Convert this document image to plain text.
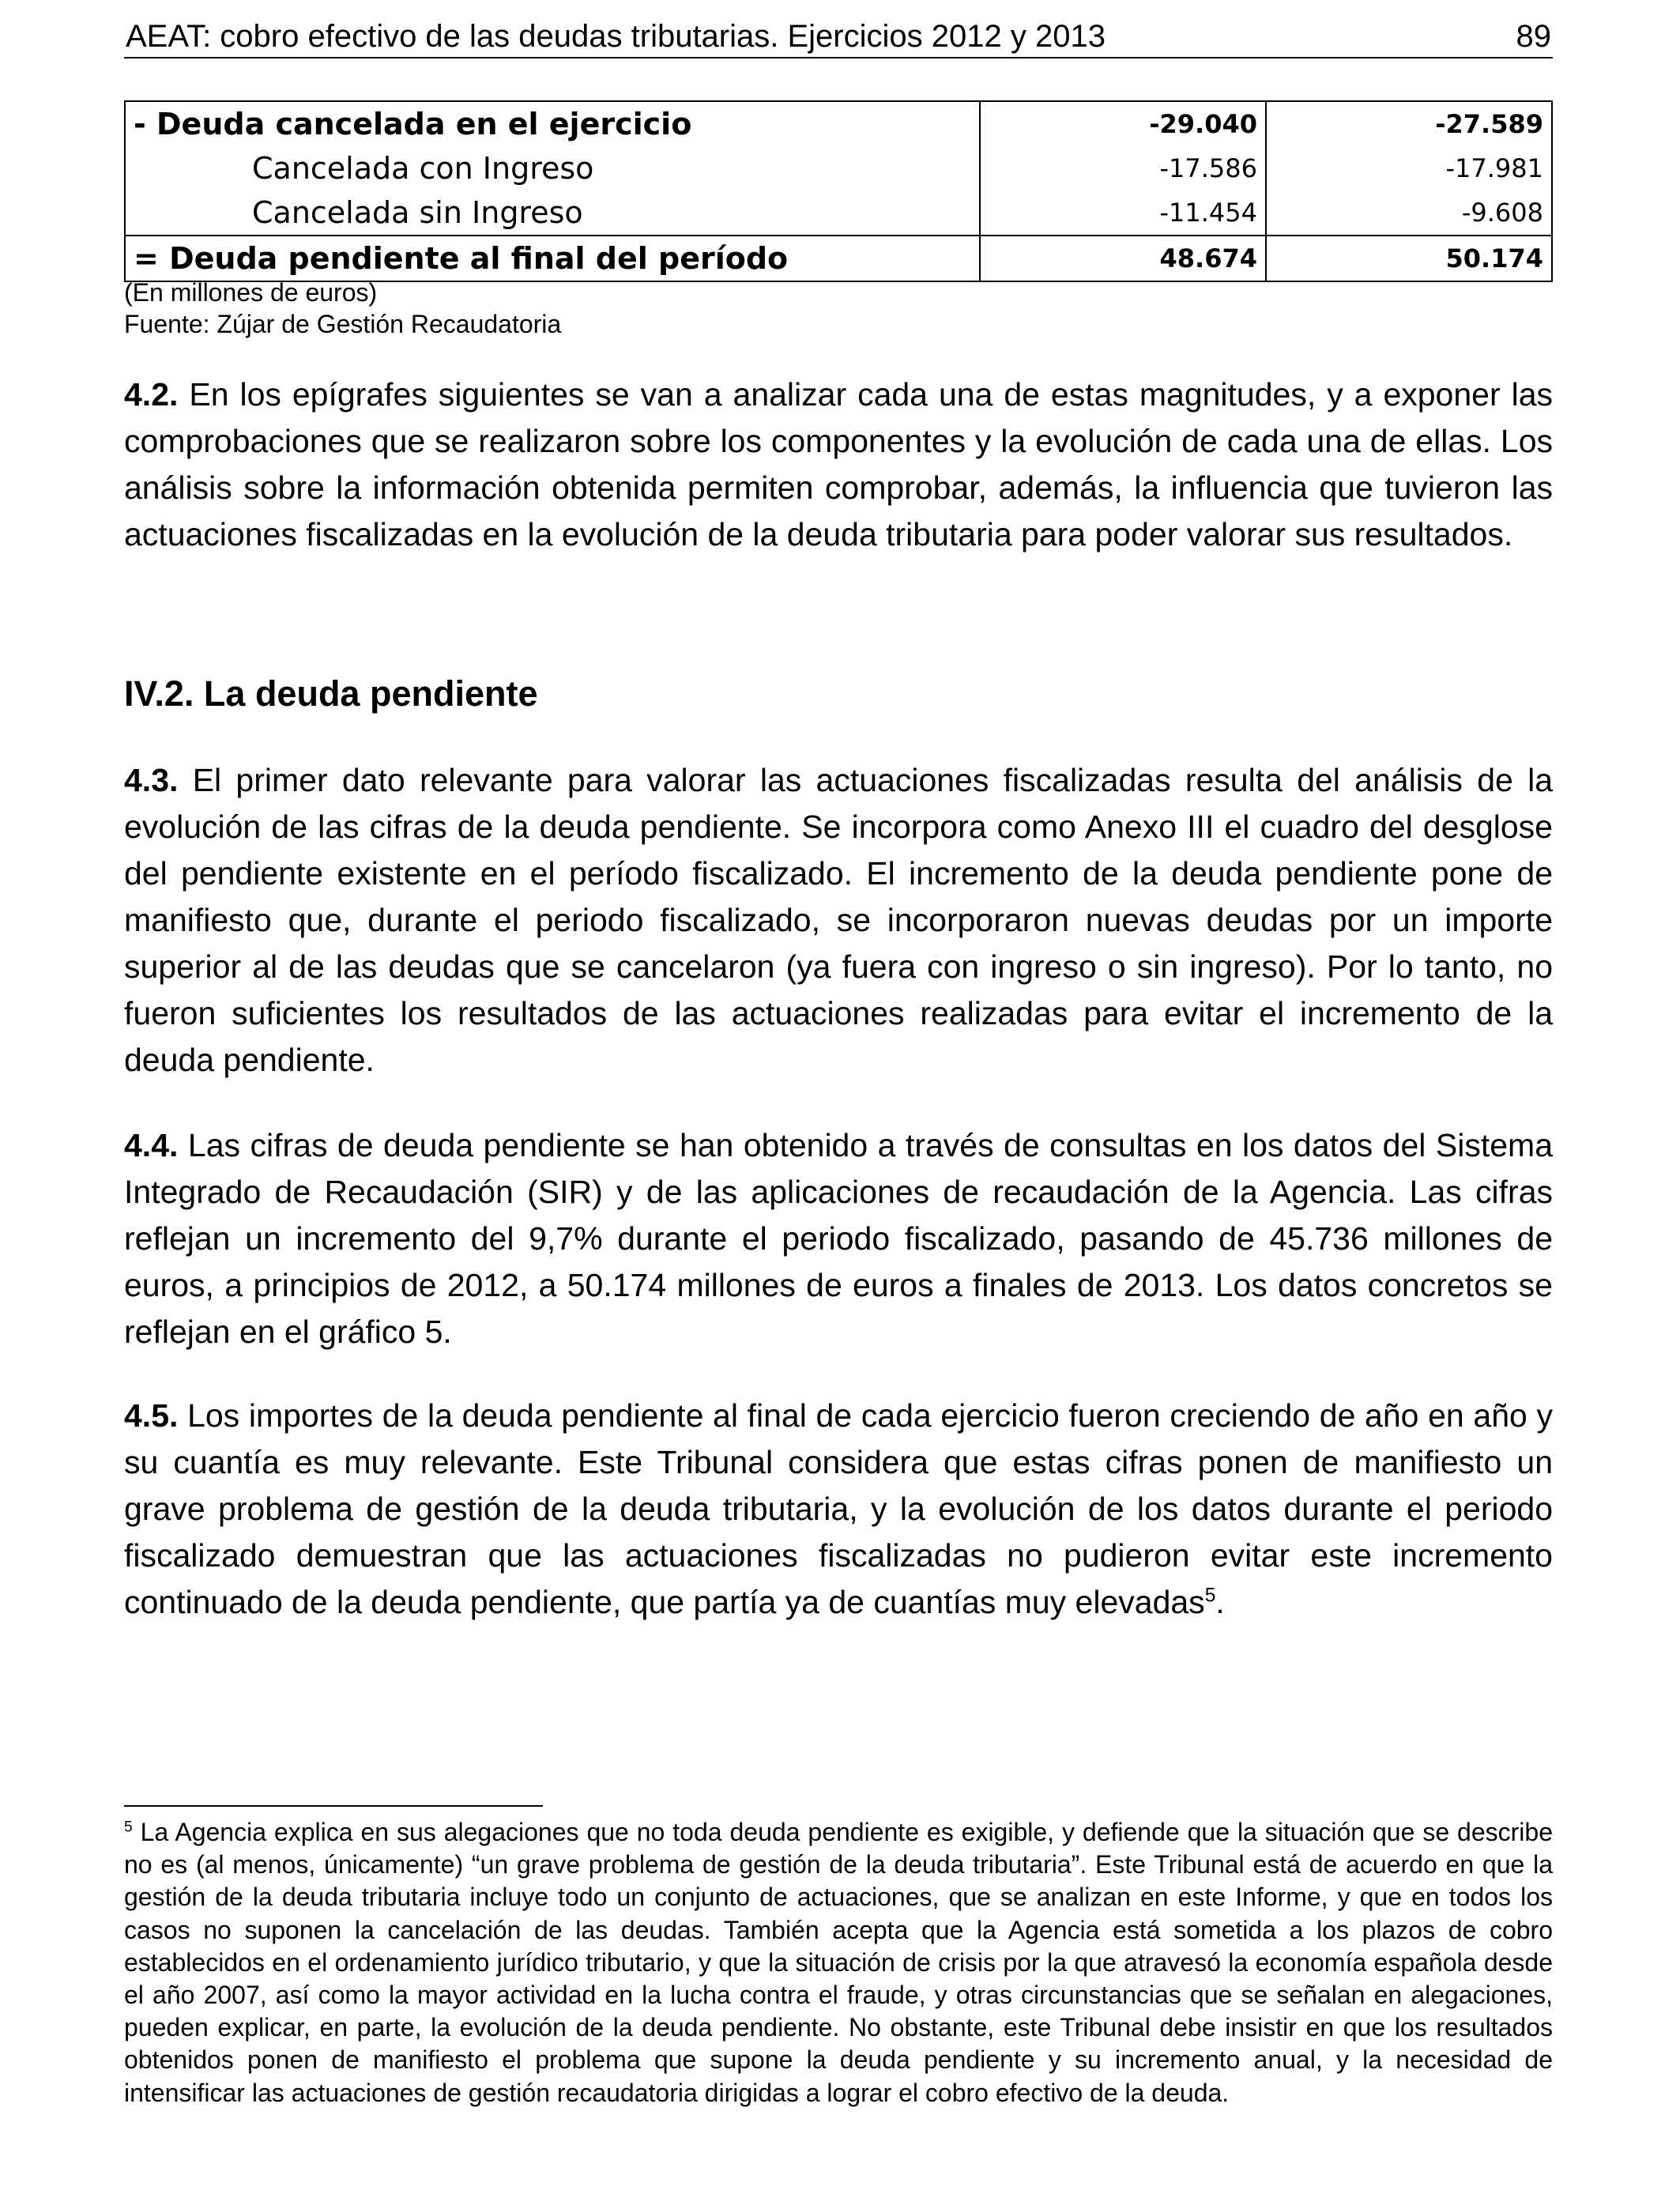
AEAT: cobro efectivo de las deudas tributarias. Ejercicios 2012 y 2013	89
- Deuda cancelada en el ejercicio	-29.040	-27.589
Cancelada con Ingreso	-17.586	-17.981
Cancelada sin Ingreso	-11.454	-9.608
= Deuda pendiente al final del período	48.674	50.174
(En millones de euros)
Fuente: Zújar de Gestión Recaudatoria

4.2. En los epígrafes siguientes se van a analizar cada una de estas magnitudes, y a exponer las comprobaciones que se realizaron sobre los componentes y la evolución de cada una de ellas. Los análisis sobre la información obtenida permiten comprobar, además, la influencia que tuvieron las actuaciones fiscalizadas en la evolución de la deuda tributaria para poder valorar sus resultados.

IV.2. La deuda pendiente

4.3. El primer dato relevante para valorar las actuaciones fiscalizadas resulta del análisis de la evolución de las cifras de la deuda pendiente. Se incorpora como Anexo III el cuadro del desglose del pendiente existente en el período fiscalizado. El incremento de la deuda pendiente pone de manifiesto que, durante el periodo fiscalizado, se incorporaron nuevas deudas por un importe superior al de las deudas que se cancelaron (ya fuera con ingreso o sin ingreso). Por lo tanto, no fueron suficientes los resultados de las actuaciones realizadas para evitar el incremento de la deuda pendiente.

4.4. Las cifras de deuda pendiente se han obtenido a través de consultas en los datos del Sistema Integrado de Recaudación (SIR) y de las aplicaciones de recaudación de la Agencia. Las cifras reflejan un incremento del 9,7% durante el periodo fiscalizado, pasando de 45.736 millones de euros, a principios de 2012, a 50.174 millones de euros a finales de 2013. Los datos concretos se reflejan en el gráfico 5.

4.5. Los importes de la deuda pendiente al final de cada ejercicio fueron creciendo de año en año y su cuantía es muy relevante. Este Tribunal considera que estas cifras ponen de manifiesto un grave problema de gestión de la deuda tributaria, y la evolución de los datos durante el periodo fiscalizado demuestran que las actuaciones fiscalizadas no pudieron evitar este incremento continuado de la deuda pendiente, que partía ya de cuantías muy elevadas$^5$.

$^5$ La Agencia explica en sus alegaciones que no toda deuda pendiente es exigible, y defiende que la situación que se describe no es (al menos, únicamente) “un grave problema de gestión de la deuda tributaria”. Este Tribunal está de acuerdo en que la gestión de la deuda tributaria incluye todo un conjunto de actuaciones, que se analizan en este Informe, y que en todos los casos no suponen la cancelación de las deudas. También acepta que la Agencia está sometida a los plazos de cobro establecidos en el ordenamiento jurídico tributario, y que la situación de crisis por la que atravesó la economía española desde el año 2007, así como la mayor actividad en la lucha contra el fraude, y otras circunstancias que se señalan en alegaciones, pueden explicar, en parte, la evolución de la deuda pendiente. No obstante, este Tribunal debe insistir en que los resultados obtenidos ponen de manifiesto el problema que supone la deuda pendiente y su incremento anual, y la necesidad de intensificar las actuaciones de gestión recaudatoria dirigidas a lograr el cobro efectivo de la deuda.
